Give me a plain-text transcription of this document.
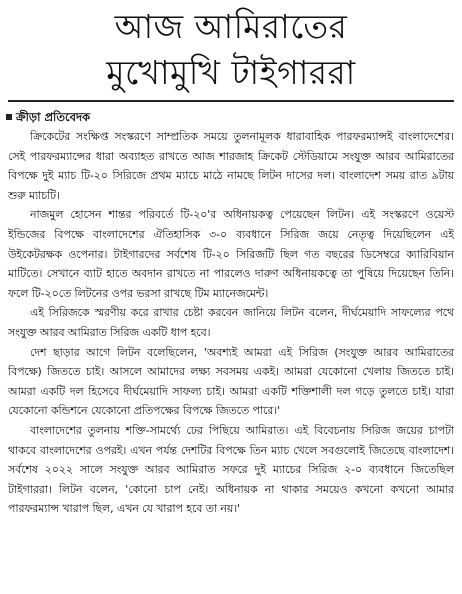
আজ আমিরাতের
মুখোমুখি টাইগাররা
ক্রীড়া প্রতিবেদক

ক্রিকেটের সংক্ষিপ্ত সংস্করণে সাম্প্রতিক সময়ে তুলনামূলক ধারাবাহিক পারফরম্যান্সই বাংলাদেশের। সেই পারফরম্যান্সের ধারা অব্যাহত রাখতে আজ শারজাহ ক্রিকেট স্টেডিয়ামে সংযুক্ত আরব আমিরাতের বিপক্ষে দুই ম্যাচ টি-২০ সিরিজে প্রথম ম্যাচে মাঠে নামছে লিটন দাসের দল। বাংলাদেশ সময় রাত ৯টায় শুরু ম্যাচটি।

নাজমুল হোসেন শান্তর পরিবর্তে টি-২০'র অধিনায়কত্ব পেয়েছেন লিটন। এই সংস্করণে ওয়েস্ট ইন্ডিজের বিপক্ষে বাংলাদেশের ঐতিহাসিক ৩-০ ব্যবধানে সিরিজ জয়ে নেতৃত্ব দিয়েছিলেন এই উইকেটরক্ষক ওপেনার। টাইগারদের সর্বশেষ টি-২০ সিরিজটি ছিল গত বছরের ডিসেম্বরে ক্যারিবিয়ান মাটিতে। সেখানে ব্যাট হাতে অবদান রাখতে না পারলেও দারুণ অধিনায়কত্বে তা পুষিয়ে দিয়েছেন তিনি। ফলে টি-২০তে লিটনের ওপর ভরসা রাখছে টিম ম্যানেজমেন্ট।

এই সিরিজকে স্মরণীয় করে রাখার চেষ্টা করবেন জানিয়ে লিটন বলেন, দীর্ঘমেয়াদি সাফল্যের পথে সংযুক্ত আরব আমিরাত সিরিজ একটি ধাপ হবে।

দেশ ছাড়ার আগে লিটন বলেছিলেন, 'অবশ্যই আমরা এই সিরিজ (সংযুক্ত আরব আমিরাতের বিপক্ষে) জিততে চাই। আসলে আমাদের লক্ষ্য সবসময় একই। আমরা যেকোনো খেলায় জিততে চাই। আমরা একটি দল হিসেবে দীর্ঘমেয়াদি সাফল্য চাই। আমরা একটি শক্তিশালী দল গড়ে তুলতে চাই। যারা যেকোনো কন্ডিশনে যেকোনো প্রতিপক্ষের বিপক্ষে জিততে পারে।'

বাংলাদেশের তুলনায় শক্তি-সামর্থ্যে ঢের পিছিয়ে আমিরাত। এই বিবেচনায় সিরিজ জয়ের চাপটা থাকবে বাংলাদেশের ওপরই। এখন পর্যন্ত দেশটির বিপক্ষে তিন ম্যাচ খেলে সবগুলোই জিতেছে বাংলাদেশ। সর্বশেষ ২০২২ সালে সংযুক্ত আরব আমিরাত সফরে দুই ম্যাচের সিরিজ ২-০ ব্যবধানে জিতেছিল টাইগাররা। লিটন বলেন, 'কোনো চাপ নেই। অধিনায়ক না থাকার সময়েও কখনো কখনো আমার পারফরম্যান্স খারাপ ছিল, এখন যে খারাপ হবে তা নয়।'
